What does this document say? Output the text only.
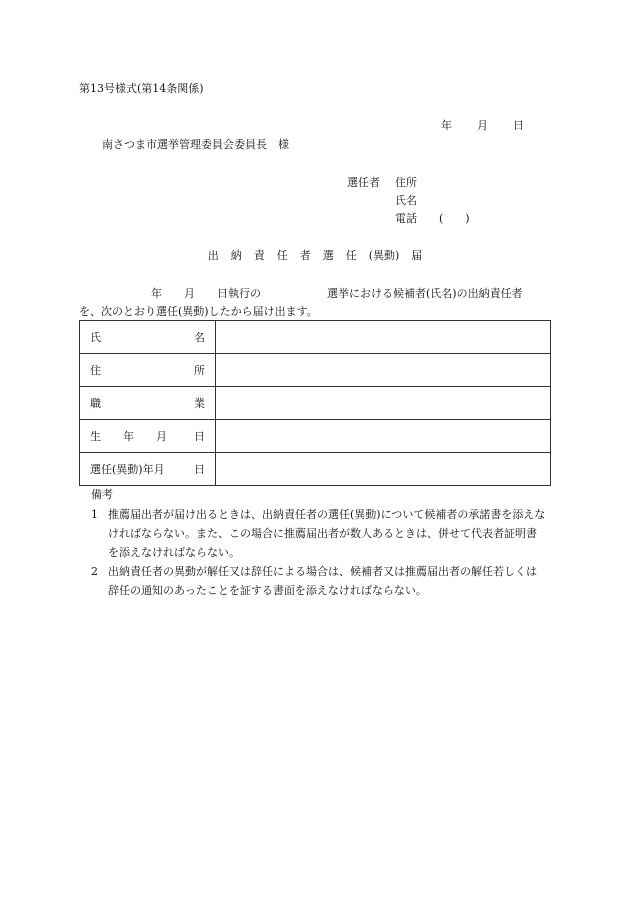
第13号様式(第14条関係)
年 月 日
南さつま市選挙管理委員会委員長　様
選任者 住所
氏名
電話　　(　　)
出 納 責 任 者 選 任 (異動) 届
年　　月　　日執行の　　　　　　選挙における候補者(氏名)の出納責任者
を、次のとおり選任(異動)したから届け出ます。
氏 名	

住 所	

職 業	

生　　年　　月 日	

選任(異動)年月 日	

備考
1 推薦届出者が届け出るときは、出納責任者の選任(異動)について候補者の承諾書を添えなければならない。また、この場合に推薦届出者が数人あるときは、併せて代表者証明書を添えなければならない。
2 出納責任者の異動が解任又は辞任による場合は、候補者又は推薦届出者の解任若しくは辞任の通知のあったことを証する書面を添えなければならない。
